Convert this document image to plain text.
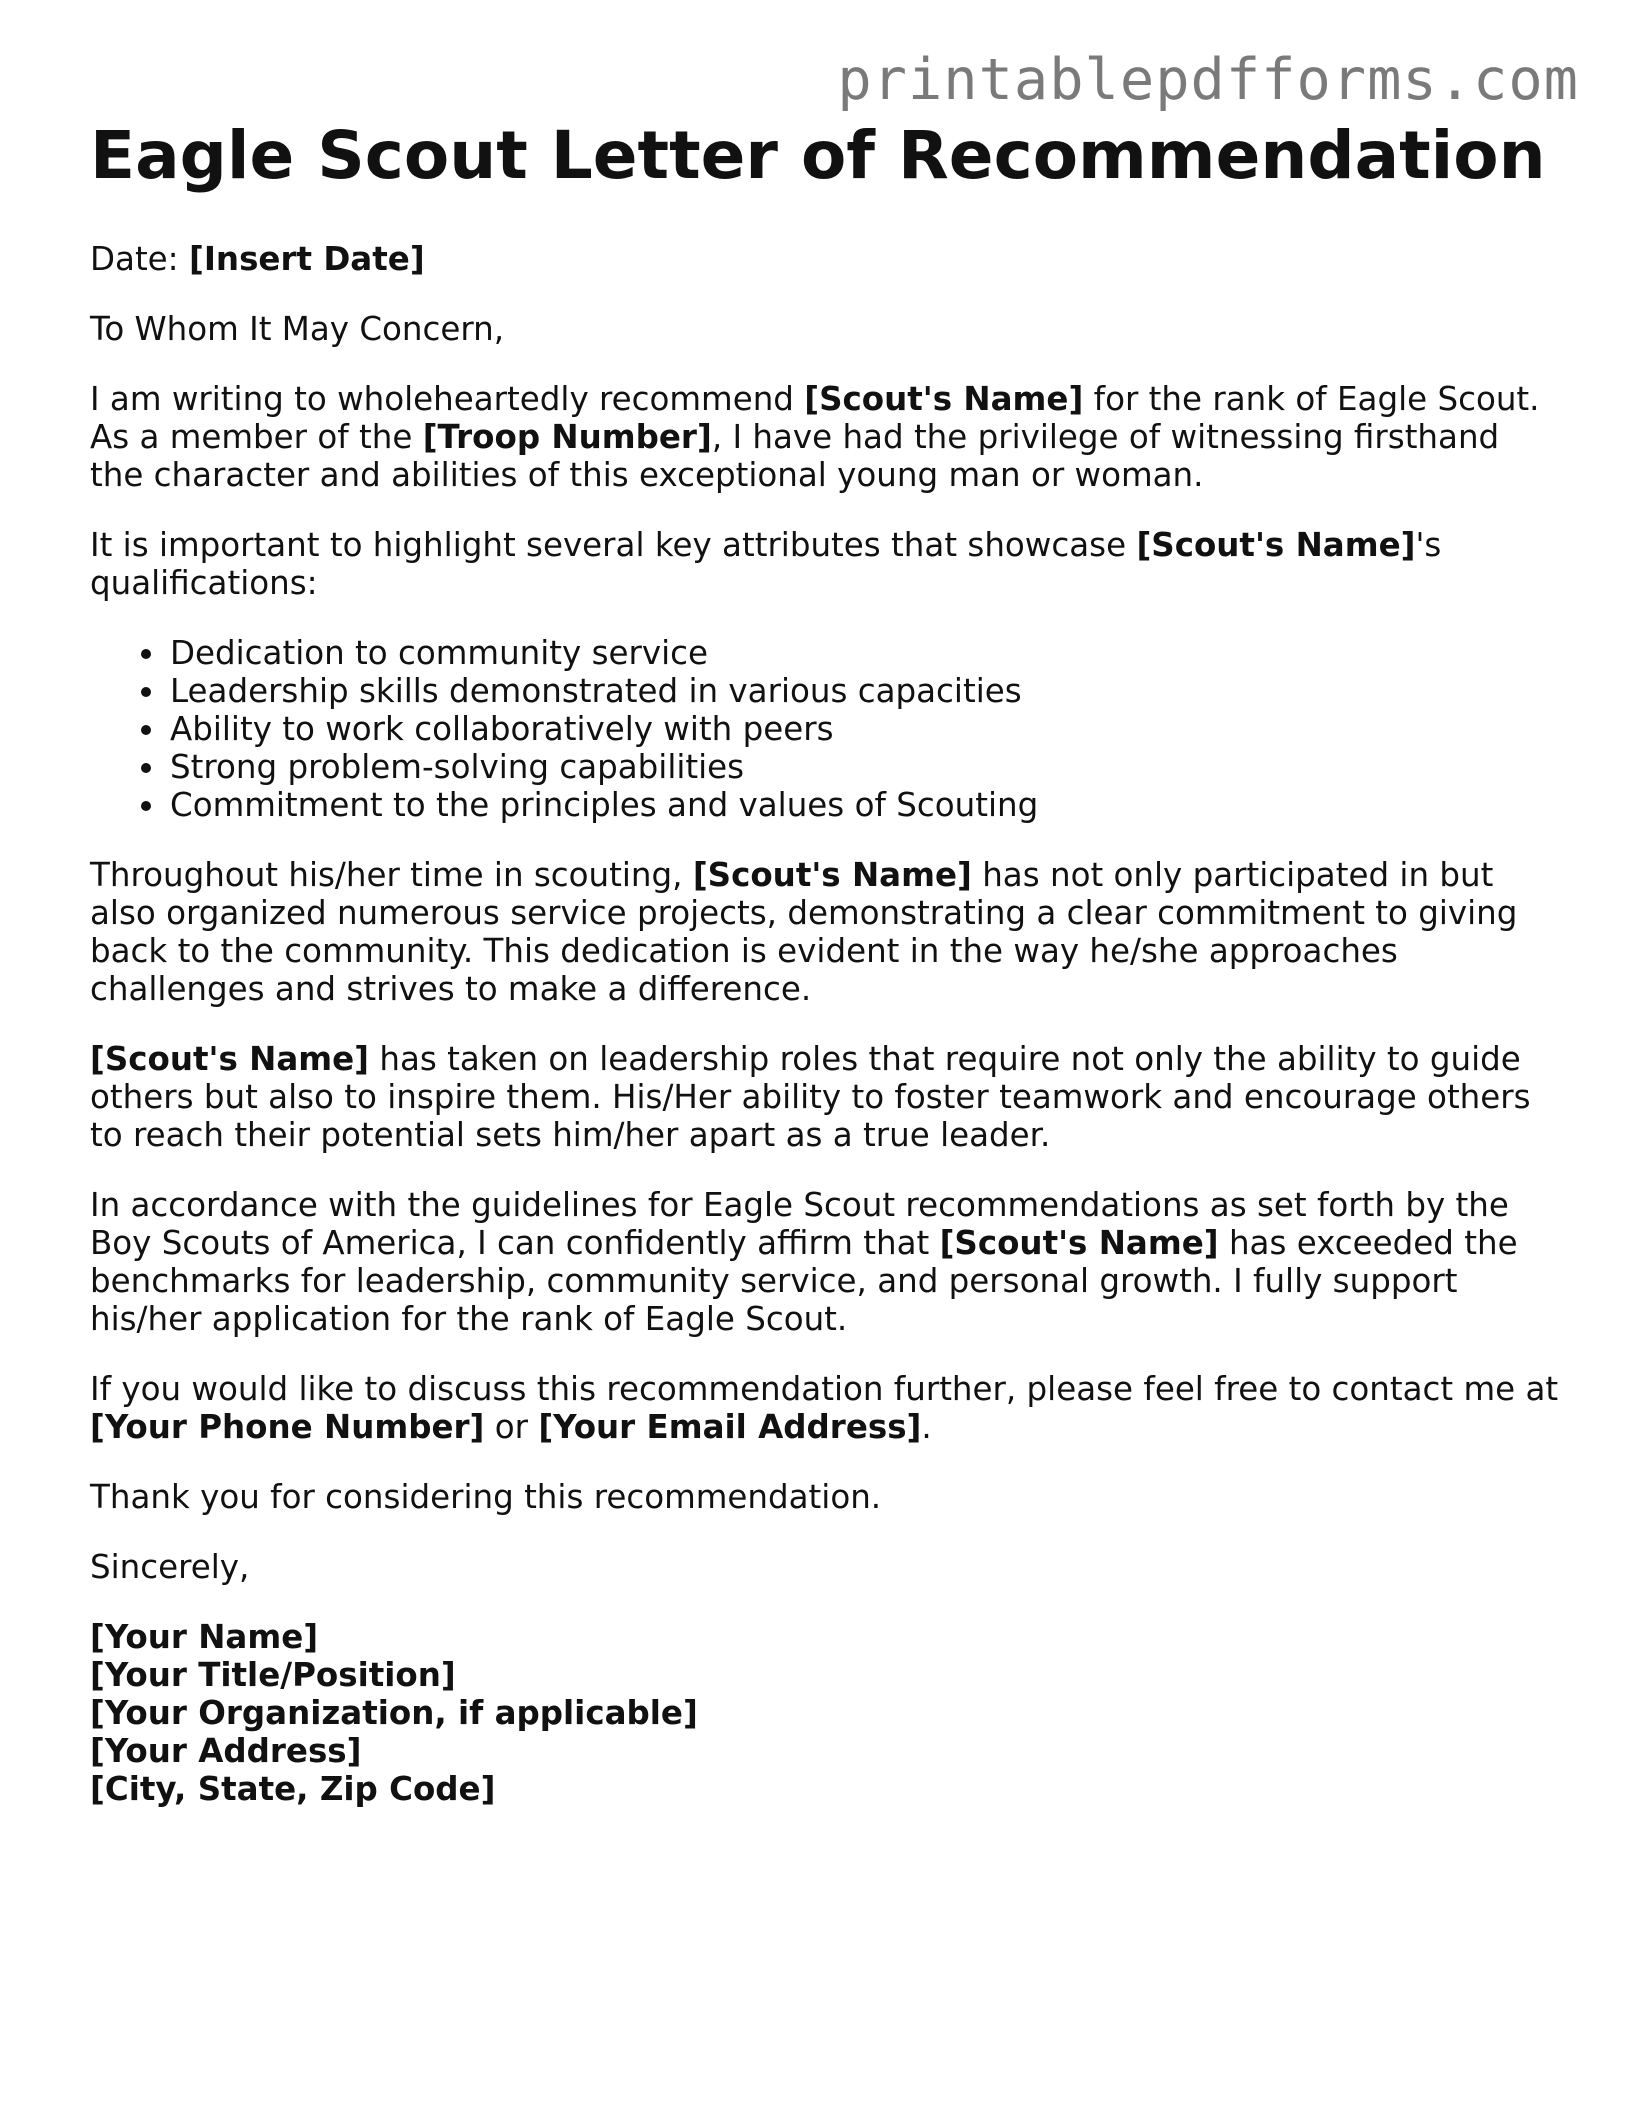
printablepdfforms.com
Eagle Scout Letter of Recommendation

Date: [Insert Date]

To Whom It May Concern,

I am writing to wholeheartedly recommend [Scout's Name] for the rank of Eagle Scout. As a member of the [Troop Number], I have had the privilege of witnessing firsthand the character and abilities of this exceptional young man or woman.

It is important to highlight several key attributes that showcase [Scout's Name]'s qualifications:

• Dedication to community service
• Leadership skills demonstrated in various capacities
• Ability to work collaboratively with peers
• Strong problem-solving capabilities
• Commitment to the principles and values of Scouting

Throughout his/her time in scouting, [Scout's Name] has not only participated in but also organized numerous service projects, demonstrating a clear commitment to giving back to the community. This dedication is evident in the way he/she approaches challenges and strives to make a difference.

[Scout's Name] has taken on leadership roles that require not only the ability to guide others but also to inspire them. His/Her ability to foster teamwork and encourage others to reach their potential sets him/her apart as a true leader.

In accordance with the guidelines for Eagle Scout recommendations as set forth by the Boy Scouts of America, I can confidently affirm that [Scout's Name] has exceeded the benchmarks for leadership, community service, and personal growth. I fully support his/her application for the rank of Eagle Scout.

If you would like to discuss this recommendation further, please feel free to contact me at [Your Phone Number] or [Your Email Address].

Thank you for considering this recommendation.

Sincerely,

[Your Name]

[Your Title/Position]

[Your Organization, if applicable]

[Your Address]

[City, State, Zip Code]
